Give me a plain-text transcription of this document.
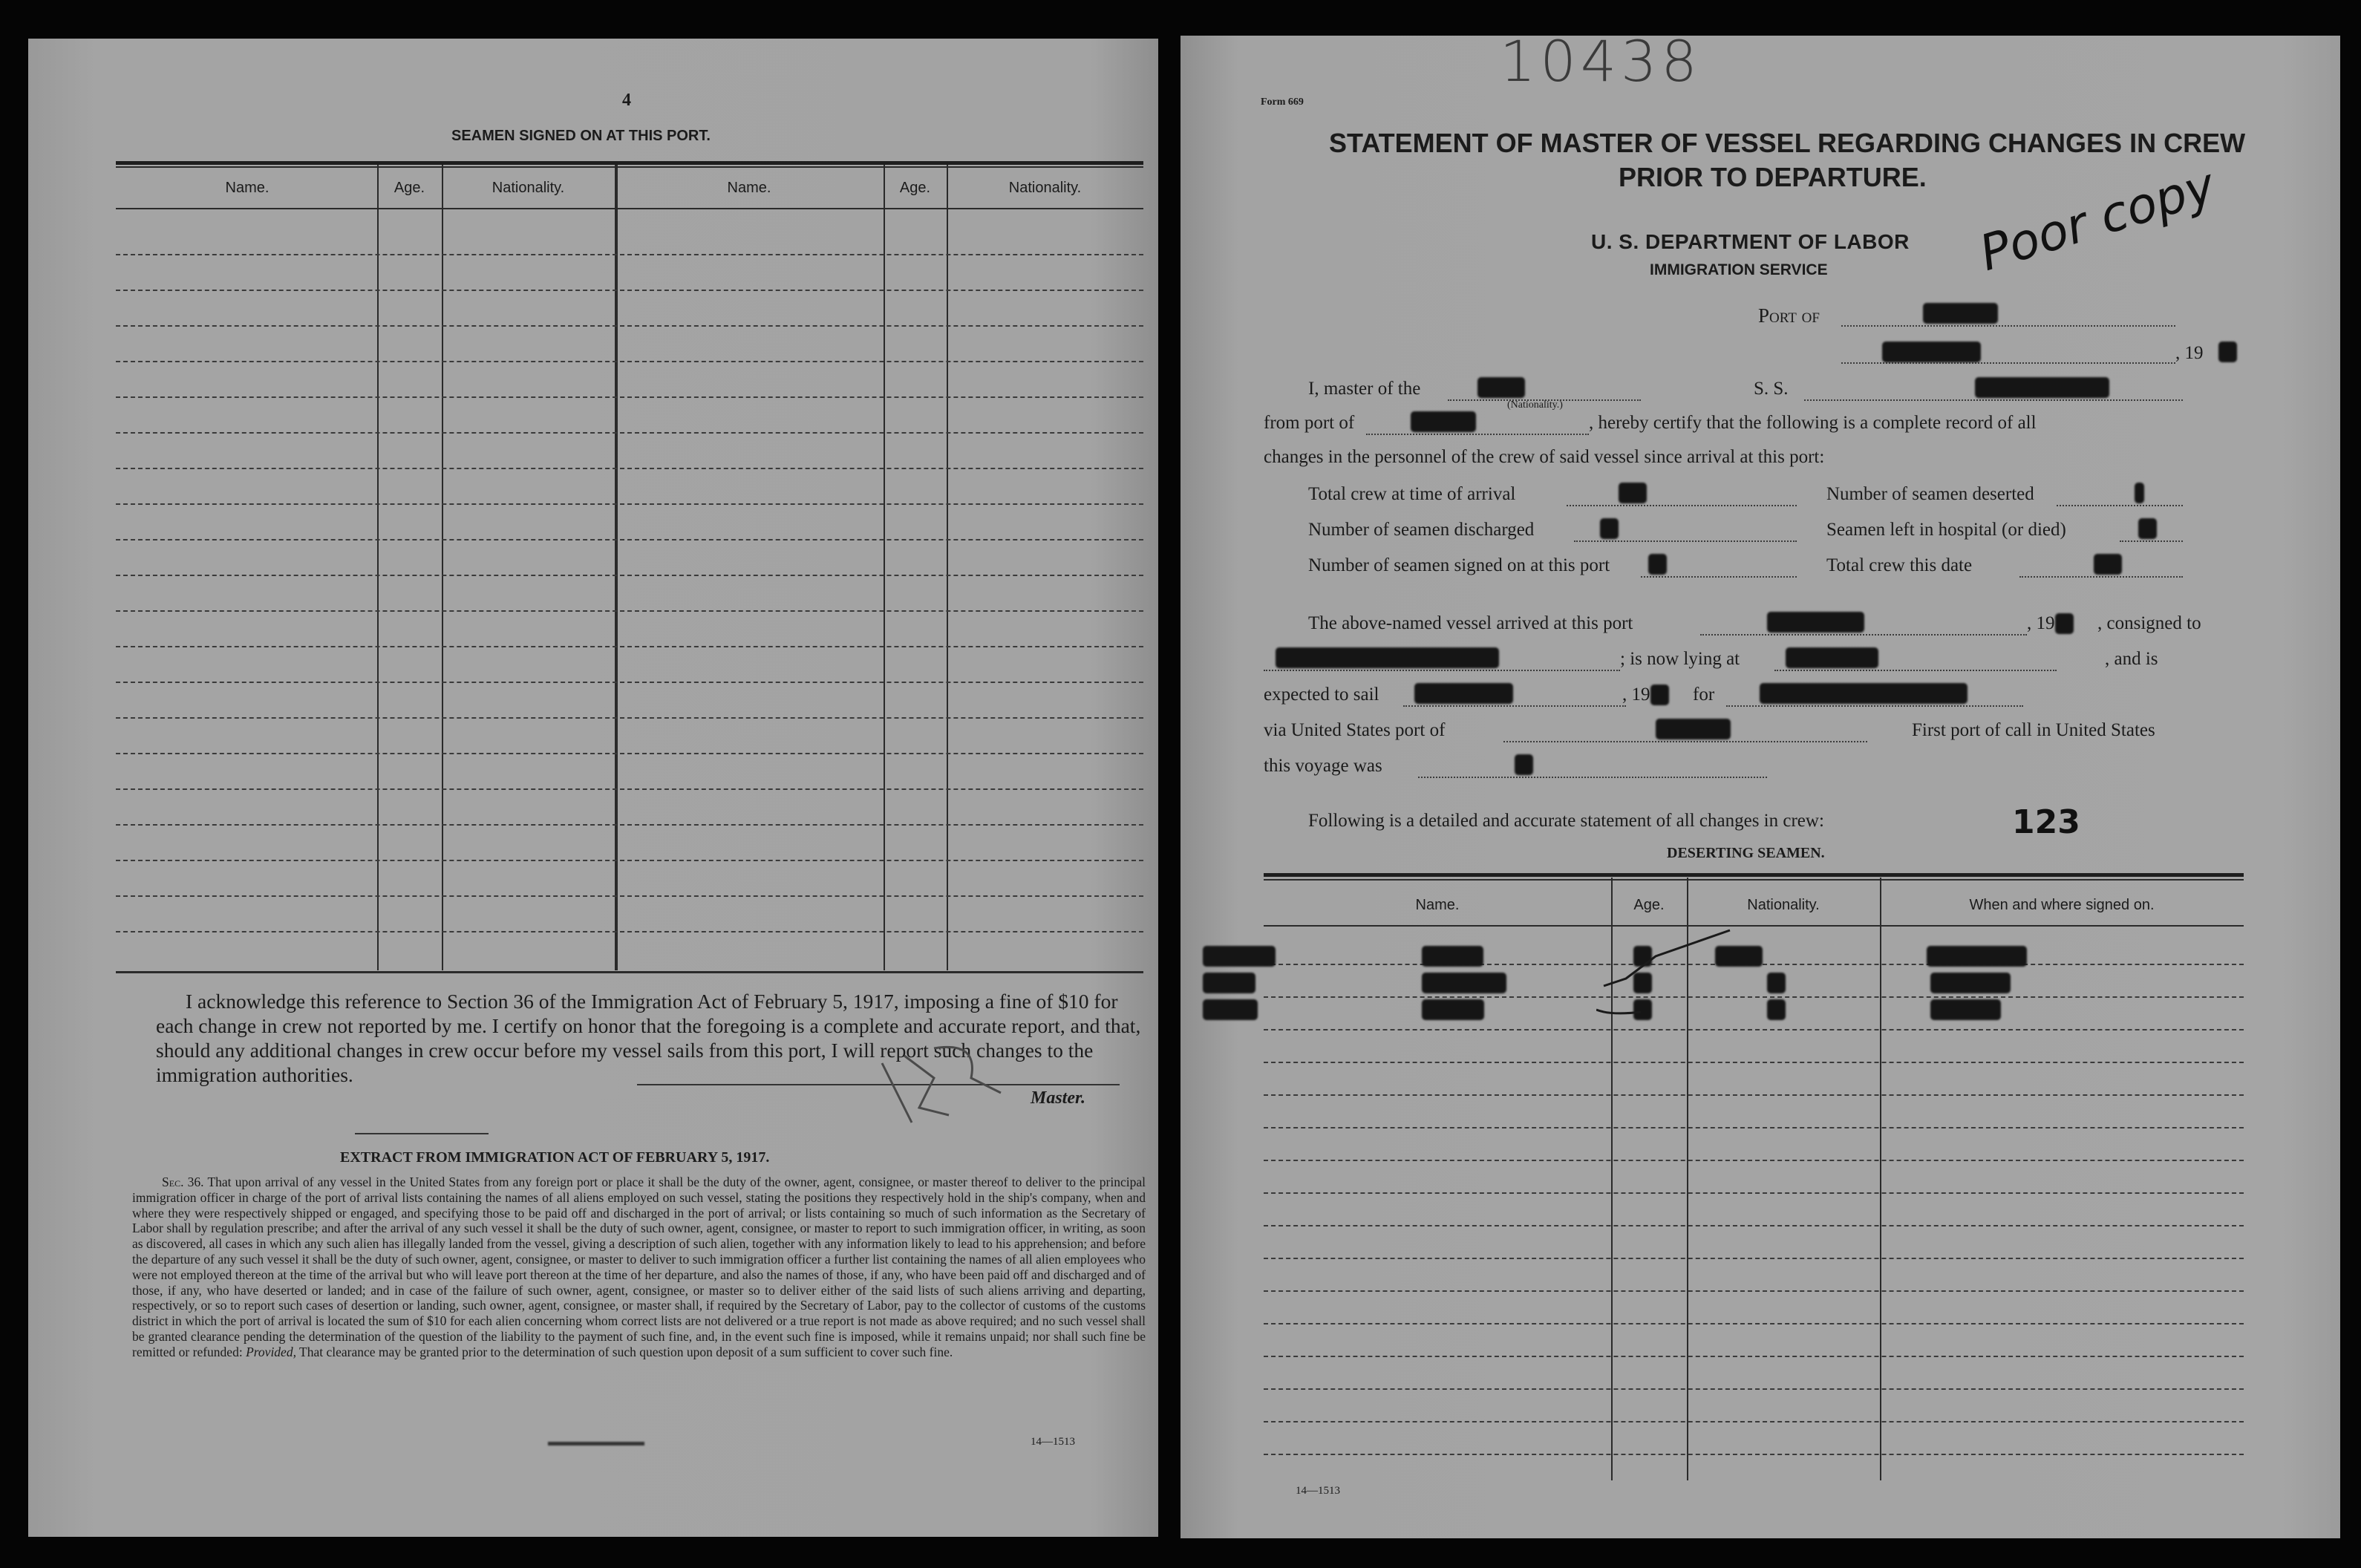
4
SEAMEN SIGNED ON AT THIS PORT.
Name.	Age.	Nationality.	Name.	Age.	Nationality.
I acknowledge this reference to Section 36 of the Immigration Act of February 5, 1917, imposing a fine of $10 for each change in crew not reported by me. I certify on honor that the foregoing is a complete and accurate report, and that, should any additional changes in crew occur before my vessel sails from this port, I will report such changes to the immigration authorities.
Master.
EXTRACT FROM IMMIGRATION ACT OF FEBRUARY 5, 1917.
Sec. 36. That upon arrival of any vessel in the United States from any foreign port or place it shall be the duty of the owner, agent, consignee, or master thereof to deliver to the principal immigration officer in charge of the port of arrival lists containing the names of all aliens employed on such vessel, stating the positions they respectively hold in the ship's company, when and where they were respectively shipped or engaged, and specifying those to be paid off and discharged in the port of arrival; or lists containing so much of such information as the Secretary of Labor shall by regulation prescribe; and after the arrival of any such vessel it shall be the duty of such owner, agent, consignee, or master to report to such immigration officer, in writing, as soon as discovered, all cases in which any such alien has illegally landed from the vessel, giving a description of such alien, together with any information likely to lead to his apprehension; and before the departure of any such vessel it shall be the duty of such owner, agent, consignee, or master to deliver to such immigration officer a further list containing the names of all alien employees who were not employed thereon at the time of the arrival but who will leave port thereon at the time of her departure, and also the names of those, if any, who have been paid off and discharged and of those, if any, who have deserted or landed; and in case of the failure of such owner, agent, consignee, or master so to deliver either of the said lists of such aliens arriving and departing, respectively, or so to report such cases of desertion or landing, such owner, agent, consignee, or master shall, if required by the Secretary of Labor, pay to the collector of customs of the customs district in which the port of arrival is located the sum of $10 for each alien concerning whom correct lists are not delivered or a true report is not made as above required; and no such vessel shall be granted clearance pending the determination of the question of the liability to the payment of such fine, and, in the event such fine is imposed, while it remains unpaid; nor shall such fine be remitted or refunded: Provided, That clearance may be granted prior to the determination of such question upon deposit of a sum sufficient to cover such fine.
14—1513
10438
Form 669
STATEMENT OF MASTER OF VESSEL REGARDING CHANGES IN CREW
PRIOR TO DEPARTURE. Poor copy
U. S. DEPARTMENT OF LABOR
IMMIGRATION SERVICE
Port of
, 19
I, master of the
(Nationality.)
S. S.
from port of	, hereby certify that the following is a complete record of all
changes in the personnel of the crew of said vessel since arrival at this port:
Total crew at time of arrival	Number of seamen deserted
Number of seamen discharged	Seamen left in hospital (or died)
Number of seamen signed on at this port	Total crew this date
The above-named vessel arrived at this port	, 19	, consigned to
; is now lying at	, and is
expected to sail	, 19	for
via United States port of	First port of call in United States
this voyage was
Following is a detailed and accurate statement of all changes in crew:	123
DESERTING SEAMEN.
Name.	Age.	Nationality.	When and where signed on.
14—1513
